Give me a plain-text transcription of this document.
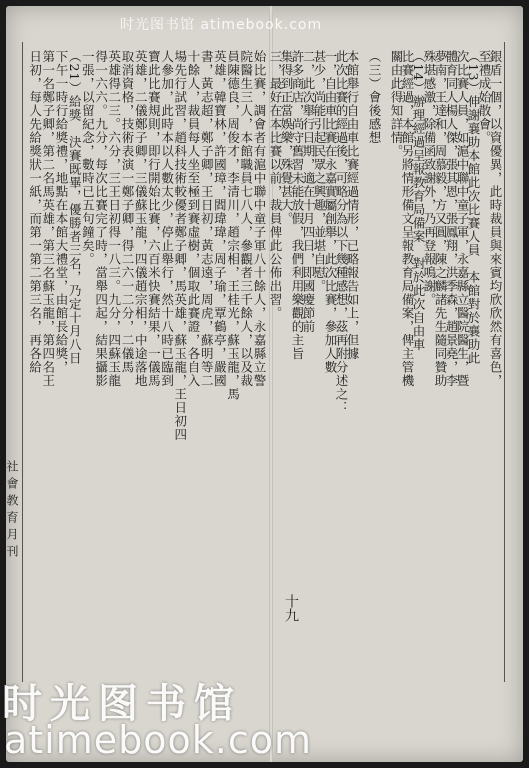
社會教育月刊
十九
始比賽，調會者有滬中聯中童子軍八十餘人，永嘉縣立警
院醫生三人，本館職員七八人，參觀者三千餘人，以及裁
員陳德良，周俊才，李清川，趙宗相，王桂光，蘇玉龍，馬
英雄，韓寶林，許國璋，閻瑋瑋，周子瑜，覃鶴亭，嚴國
書，黃志超，鄭子卿，王日初，黃志遠，周虎，蘇明等二
十餘人，裁員每人坐至極到賽虛樹，個取此賽證，各自入
場先行試習，趙科技術較優者鄭子卿，馬英雄，蘇玉龍，王日初四
人參加，此時本以人數太少，停止舉行，然十八時已臨到
寶此比賽規則，即行開始比賽，六百米快賽結果，一儀馬
英雄，二儀鄭子卿，三儀蘇玉龍，四儀趙宗相，中途落地
取消資格，技術表演一鄭子卿，得二六一二分，二儀馬
英雄得二三。六分，三王日初得一八三。九分，四蘇玉龍
得一六六。九分，每次比賽完了時，當舉四起，結果攝影
一張，以留紀念，數時已五句鐘矣。
（21）給獎　決賽既畢，優勝者三名，乃定十月八日
下午一時行給獎禮，地點在本館大禮堂，由館長給獎，
第一名鄭子卿，第二名馬英雄，第三名蘇玉龍，第四名王
日初，每人先給獎狀一紙，而第一第二第三名，再各給	銀盾一個，以資優異，此時裁員與來賓均欣欣然有喜色，
至禮成始散會。
（13）伸謝襄助本館此次比賽人員　本館對於襄助此
次比賽人員，如滬中聯中童子軍，永嘉縣立醫院醫生，暨
體育同人楊人傑，張其恩，張鳳翔，洪季森，趙景堯，李
夢南，王達和，周慕毅，方又圓，陳之麟諸先生隨同贊助
殊堪感激，除備函致謝外，乃再登報鳴謝。
（14）辦理經過呈報教育局備案　對於此次自由車
比賽經過，本館另將情形備文呈報教育局備案，俾主管機
關由此得知詳情。
（三）會後感想
本館舉行自由車比賽經過情形，已略報告如上，但據
此次比賽的經過後，可略分為以下幾種感想，茲再附分述之：
一，自由車比賽在永嘉實屬創舉，此次比賽，參加人數
甚少，尚能引起民眾之興趣，並堪自慰。
二，此次舉行日期，適在十月四日，即國慶節前
許多商店，尚守舊習未能放假，我們利用樂觀的主旨
集得到正當娛樂，殊覺甚大。
三，最好在本比賽以前，裁員俾此公佈出習。
时光图书馆 atimebook.com
时光图书馆
atimebook.com
